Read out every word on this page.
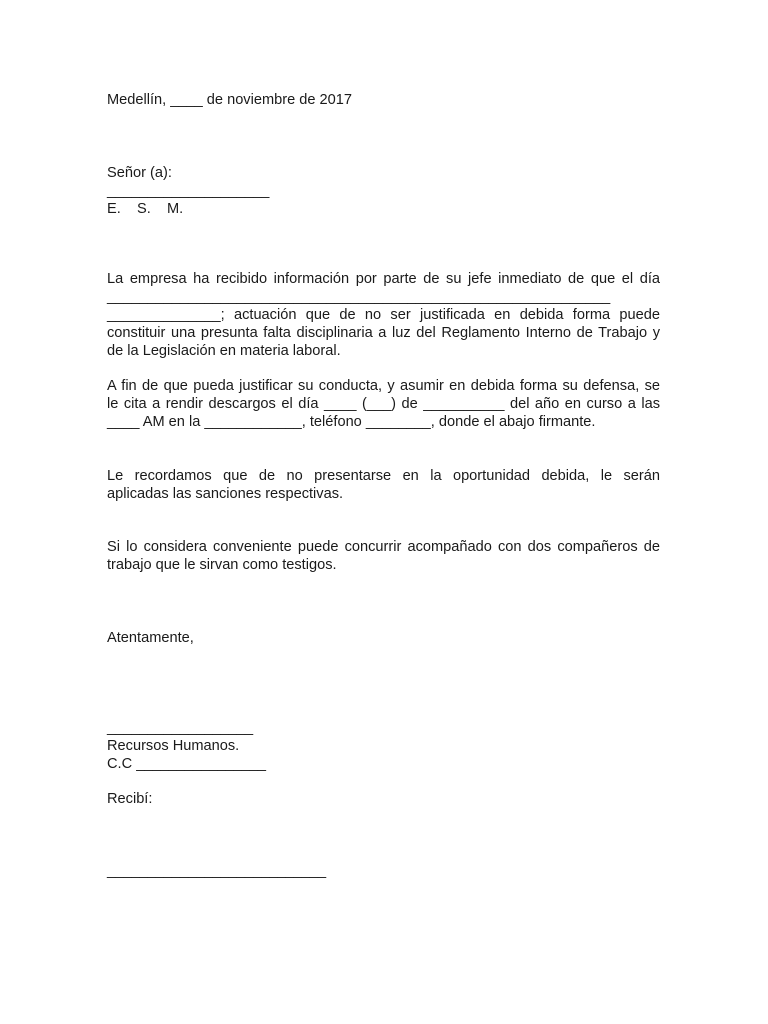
Medellín, ____ de noviembre de 2017
Señor (a):
____________________
E.    S.    M.
La empresa ha recibido información por parte de su jefe inmediato de que el día
______________________________________________________________
______________; actuación que de no ser justificada en debida forma puede
constituir una presunta falta disciplinaria a luz del Reglamento Interno de Trabajo y
de la Legislación en materia laboral.
A fin de que pueda justificar su conducta, y asumir en debida forma su defensa, se
le cita a rendir descargos el día ____ (___) de __________ del año en curso a las
____ AM en la ____________, teléfono ________, donde el abajo firmante.
Le recordamos que de no presentarse en la oportunidad debida, le serán
aplicadas las sanciones respectivas.
Si lo considera conveniente puede concurrir acompañado con dos compañeros de
trabajo que le sirvan como testigos.
Atentamente,
__________________
Recursos Humanos.
C.C ________________
Recibí:
___________________________
